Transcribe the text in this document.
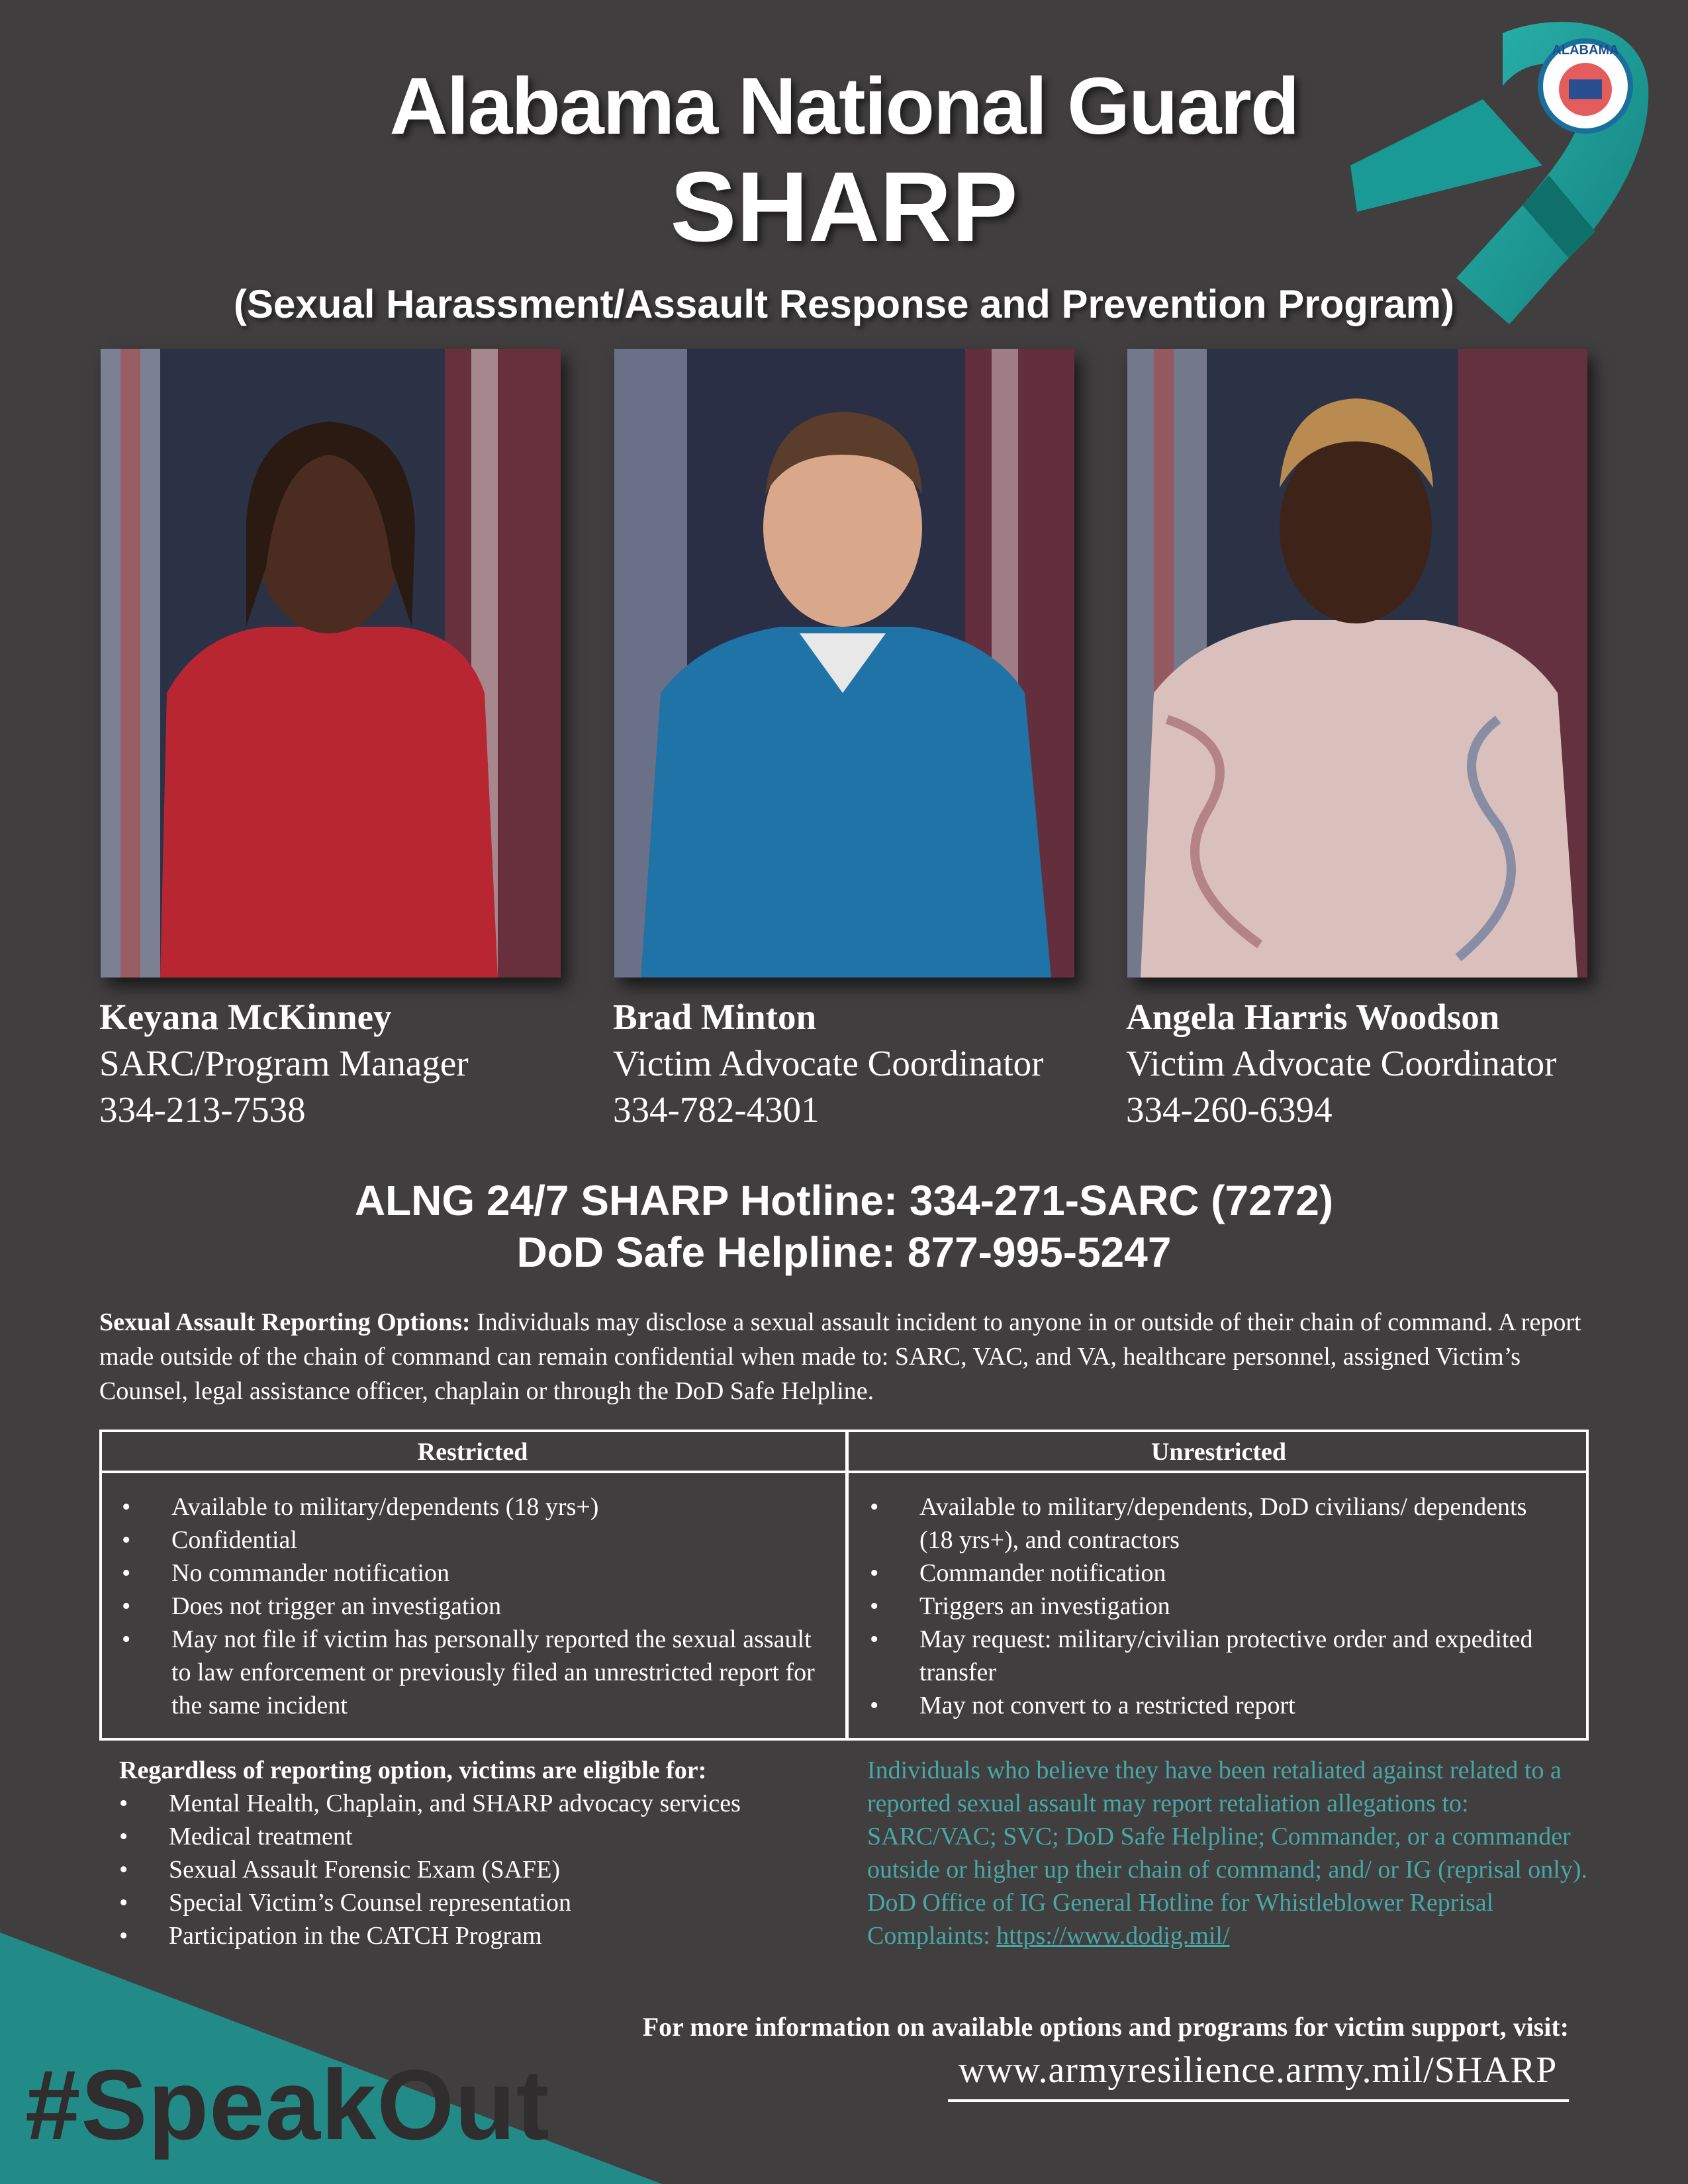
Alabama National Guard
SHARP
(Sexual Harassment/Assault Response and Prevention Program)
ALABAMA
Keyana McKinney
SARC/Program Manager
334-213-7538
Brad Minton
Victim Advocate Coordinator
334-782-4301
Angela Harris Woodson
Victim Advocate Coordinator
334-260-6394
ALNG 24/7 SHARP Hotline: 334-271-SARC (7272)
DoD Safe Helpline: 877-995-5247
Sexual Assault Reporting Options: Individuals may disclose a sexual assault incident to anyone in or outside of their chain of command. A report made outside of the chain of command can remain confidential when made to: SARC, VAC, and VA, healthcare personnel, assigned Victim’s Counsel, legal assistance officer, chaplain or through the DoD Safe Helpline.
Restricted	Unrestricted
• Available to military/dependents (18 yrs+)
• Confidential
• No commander notification
• Does not trigger an investigation
• May not file if victim has personally reported the sexual assault to law enforcement or previously filed an unrestricted report for the same incident
• Available to military/dependents, DoD civilians/ dependents (18 yrs+), and contractors
• Commander notification
• Triggers an investigation
• May request: military/civilian protective order and expedited transfer
• May not convert to a restricted report
Regardless of reporting option, victims are eligible for:
• Mental Health, Chaplain, and SHARP advocacy services
• Medical treatment
• Sexual Assault Forensic Exam (SAFE)
• Special Victim’s Counsel representation
• Participation in the CATCH Program
Individuals who believe they have been retaliated against related to a reported sexual assault may report retaliation allegations to: SARC/VAC; SVC; DoD Safe Helpline; Commander, or a commander outside or higher up their chain of command; and/ or IG (reprisal only). DoD Office of IG General Hotline for Whistleblower Reprisal Complaints: https://www.dodig.mil/
#SpeakOut
For more information on available options and programs for victim support, visit:
www.armyresilience.army.mil/SHARP
